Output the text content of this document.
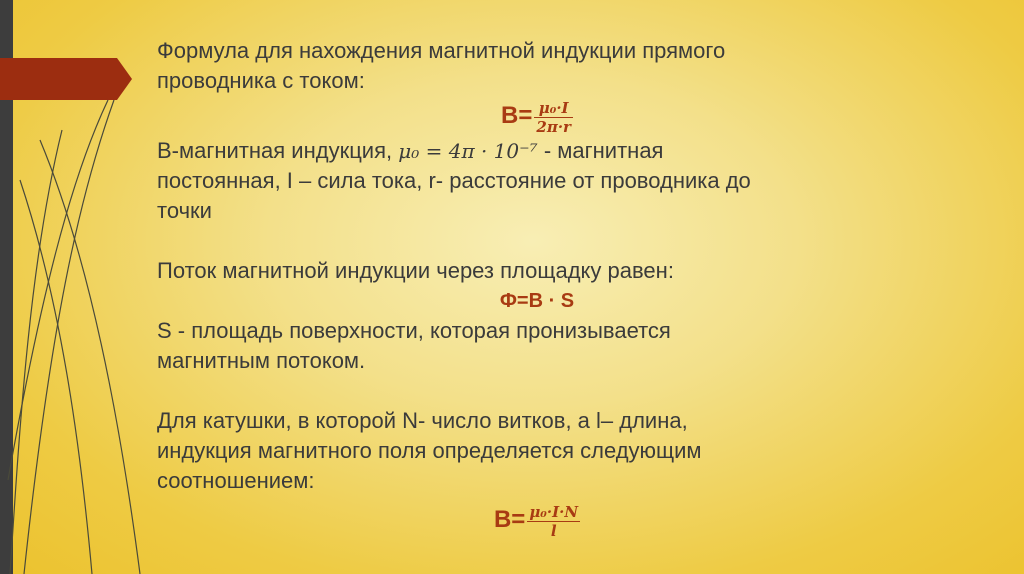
Формула для нахождения магнитной индукции прямого
проводника с током:
$B= \frac{\text{μ₀·I}}{2\pi\cdot r}$
B-магнитная индукция, μ₀ = 4π · 10⁻⁷ - магнитная
постоянная, I – сила тока, r- расстояние от проводника до
точки
Поток магнитной индукции через площадку равен:
Ф=B · S
S - площадь поверхности, которая пронизывается
магнитным потоком.
Для катушки, в которой N- число витков, а l– длина,
индукция магнитного поля определяется следующим
соотношением:
$B= \frac{\text{μ₀·I·N}}{l}$
